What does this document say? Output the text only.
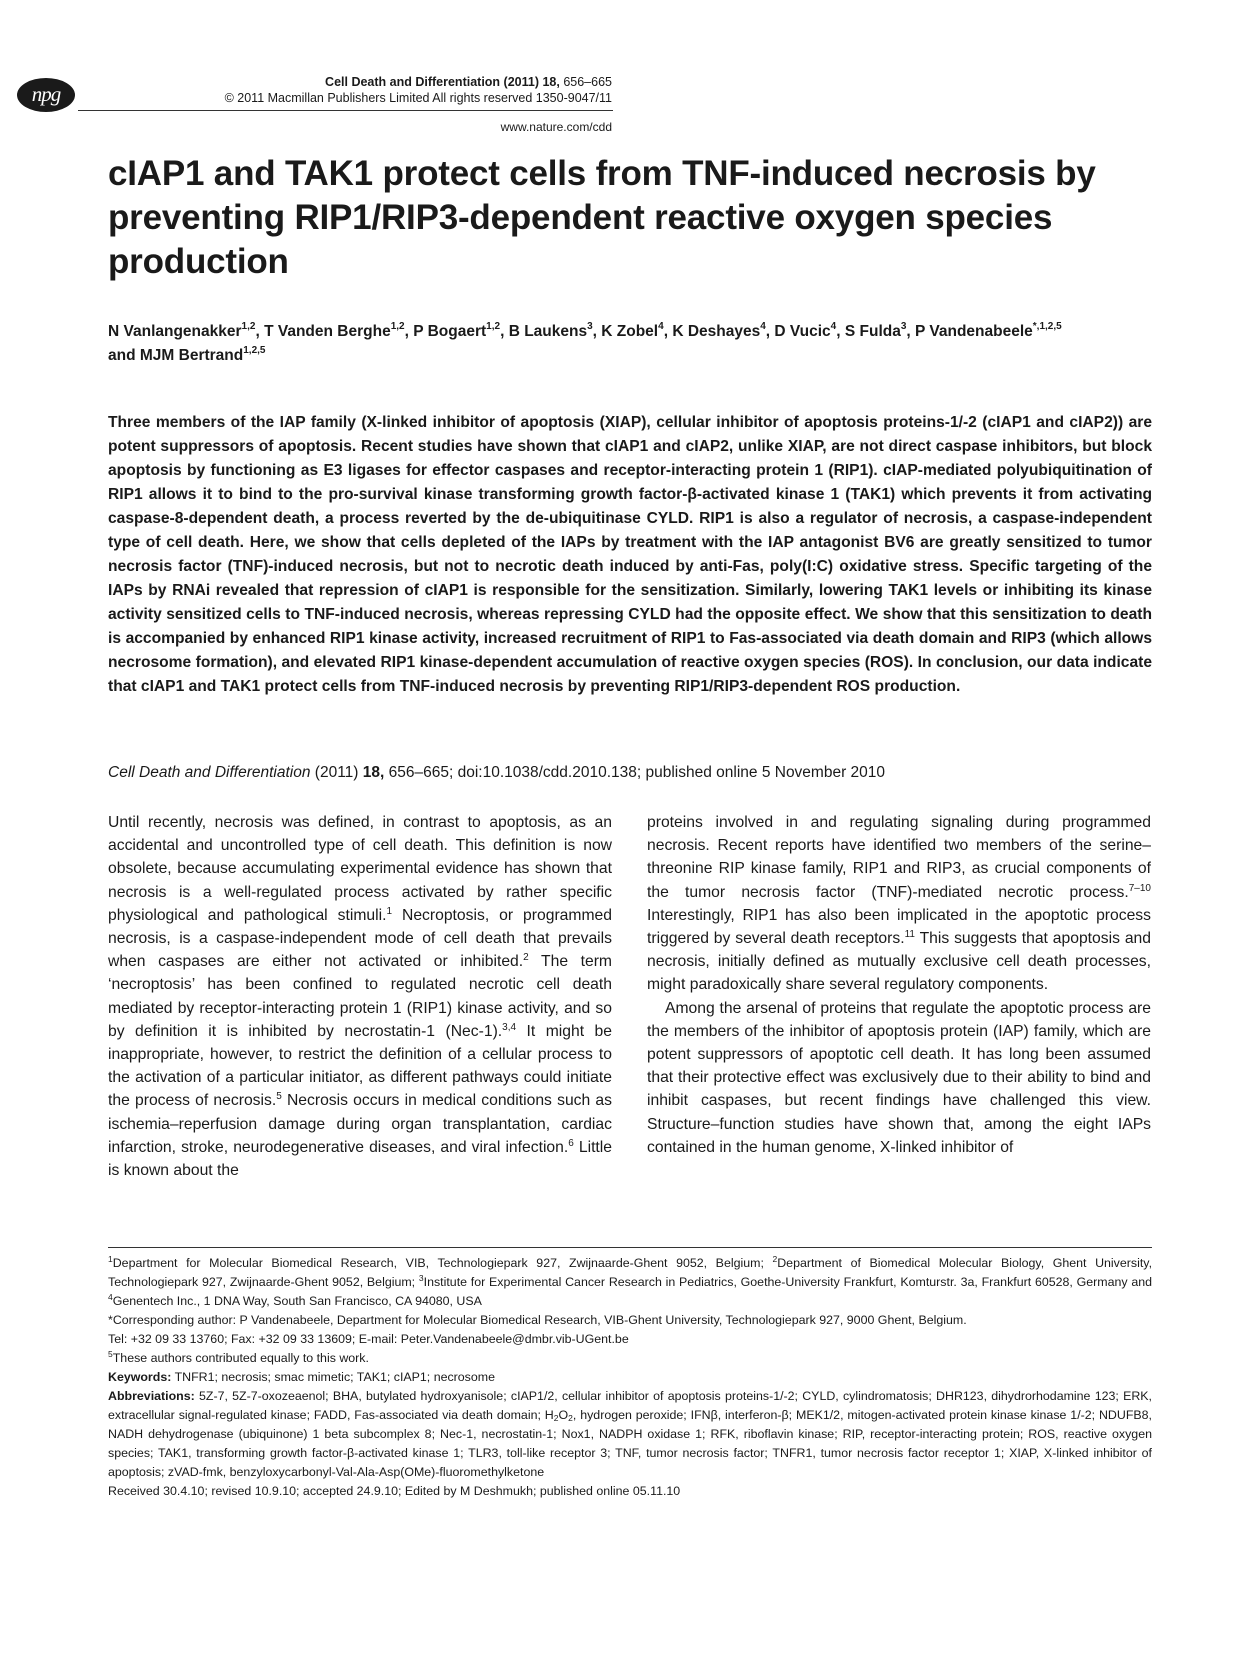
npg	Cell Death and Differentiation (2011) 18, 656–665
© 2011 Macmillan Publishers Limited All rights reserved 1350-9047/11
www.nature.com/cdd
cIAP1 and TAK1 protect cells from TNF-induced necrosis by preventing RIP1/RIP3-dependent reactive oxygen species production
N Vanlangenakker$^{1,2}$, T Vanden Berghe$^{1,2}$, P Bogaert$^{1,2}$, B Laukens$^3$, K Zobel$^4$, K Deshayes$^4$, D Vucic$^4$, S Fulda$^3$, P Vandenabeele$^{*,1,2,5}$
and MJM Bertrand$^{1,2,5}$
Three members of the IAP family (X-linked inhibitor of apoptosis (XIAP), cellular inhibitor of apoptosis proteins-1/-2 (cIAP1 and cIAP2)) are potent suppressors of apoptosis. Recent studies have shown that cIAP1 and cIAP2, unlike XIAP, are not direct caspase inhibitors, but block apoptosis by functioning as E3 ligases for effector caspases and receptor-interacting protein 1 (RIP1). cIAP-mediated polyubiquitination of RIP1 allows it to bind to the pro-survival kinase transforming growth factor-β-activated kinase 1 (TAK1) which prevents it from activating caspase-8-dependent death, a process reverted by the de-ubiquitinase CYLD. RIP1 is also a regulator of necrosis, a caspase-independent type of cell death. Here, we show that cells depleted of the IAPs by treatment with the IAP antagonist BV6 are greatly sensitized to tumor necrosis factor (TNF)-induced necrosis, but not to necrotic death induced by anti-Fas, poly(I:C) oxidative stress. Specific targeting of the IAPs by RNAi revealed that repression of cIAP1 is responsible for the sensitization. Similarly, lowering TAK1 levels or inhibiting its kinase activity sensitized cells to TNF-induced necrosis, whereas repressing CYLD had the opposite effect. We show that this sensitization to death is accompanied by enhanced RIP1 kinase activity, increased recruitment of RIP1 to Fas-associated via death domain and RIP3 (which allows necrosome formation), and elevated RIP1 kinase-dependent accumulation of reactive oxygen species (ROS). In conclusion, our data indicate that cIAP1 and TAK1 protect cells from TNF-induced necrosis by preventing RIP1/RIP3-dependent ROS production.
Cell Death and Differentiation (2011) 18, 656–665; doi:10.1038/cdd.2010.138; published online 5 November 2010

Until recently, necrosis was defined, in contrast to apoptosis, as an accidental and uncontrolled type of cell death. This definition is now obsolete, because accumulating experimental evidence has shown that necrosis is a well-regulated process activated by rather specific physiological and pathological stimuli.$^1$ Necroptosis, or programmed necrosis, is a caspase-independent mode of cell death that prevails when caspases are either not activated or inhibited.$^2$ The term ‘necroptosis’ has been confined to regulated necrotic cell death mediated by receptor-interacting protein 1 (RIP1) kinase activity, and so by definition it is inhibited by necrostatin-1 (Nec-1).$^{3,4}$ It might be inappropriate, however, to restrict the definition of a cellular process to the activation of a particular initiator, as different pathways could initiate the process of necrosis.$^5$ Necrosis occurs in medical conditions such as ischemia–reperfusion damage during organ transplantation, cardiac infarction, stroke, neurodegenerative diseases, and viral infection.$^6$ Little is known about the

proteins involved in and regulating signaling during programmed necrosis. Recent reports have identified two members of the serine–threonine RIP kinase family, RIP1 and RIP3, as crucial components of the tumor necrosis factor (TNF)-mediated necrotic process.$^{7-10}$ Interestingly, RIP1 has also been implicated in the apoptotic process triggered by several death receptors.$^{11}$ This suggests that apoptosis and necrosis, initially defined as mutually exclusive cell death processes, might paradoxically share several regulatory components.

Among the arsenal of proteins that regulate the apoptotic process are the members of the inhibitor of apoptosis protein (IAP) family, which are potent suppressors of apoptotic cell death. It has long been assumed that their protective effect was exclusively due to their ability to bind and inhibit caspases, but recent findings have challenged this view. Structure–function studies have shown that, among the eight IAPs contained in the human genome, X-linked inhibitor of

$^1$Department for Molecular Biomedical Research, VIB, Technologiepark 927, Zwijnaarde-Ghent 9052, Belgium; $^2$Department of Biomedical Molecular Biology, Ghent University, Technologiepark 927, Zwijnaarde-Ghent 9052, Belgium; $^3$Institute for Experimental Cancer Research in Pediatrics, Goethe-University Frankfurt, Komturstr. 3a, Frankfurt 60528, Germany and $^4$Genentech Inc., 1 DNA Way, South San Francisco, CA 94080, USA

*Corresponding author: P Vandenabeele, Department for Molecular Biomedical Research, VIB-Ghent University, Technologiepark 927, 9000 Ghent, Belgium.

Tel: +32 09 33 13760; Fax: +32 09 33 13609; E-mail: Peter.Vandenabeele@dmbr.vib-UGent.be

$^5$These authors contributed equally to this work.

Keywords: TNFR1; necrosis; smac mimetic; TAK1; cIAP1; necrosome

Abbreviations: 5Z-7, 5Z-7-oxozeaenol; BHA, butylated hydroxyanisole; cIAP1/2, cellular inhibitor of apoptosis proteins-1/-2; CYLD, cylindromatosis; DHR123, dihydrorhodamine 123; ERK, extracellular signal-regulated kinase; FADD, Fas-associated via death domain; $H_2O_2$, hydrogen peroxide; IFNβ, interferon-β; MEK1/2, mitogen-activated protein kinase kinase 1/-2; NDUFB8, NADH dehydrogenase (ubiquinone) 1 beta subcomplex 8; Nec-1, necrostatin-1; Nox1, NADPH oxidase 1; RFK, riboflavin kinase; RIP, receptor-interacting protein; ROS, reactive oxygen species; TAK1, transforming growth factor-β-activated kinase 1; TLR3, toll-like receptor 3; TNF, tumor necrosis factor; TNFR1, tumor necrosis factor receptor 1; XIAP, X-linked inhibitor of apoptosis; zVAD-fmk, benzyloxycarbonyl-Val-Ala-Asp(OMe)-fluoromethylketone

Received 30.4.10; revised 10.9.10; accepted 24.9.10; Edited by M Deshmukh; published online 05.11.10
